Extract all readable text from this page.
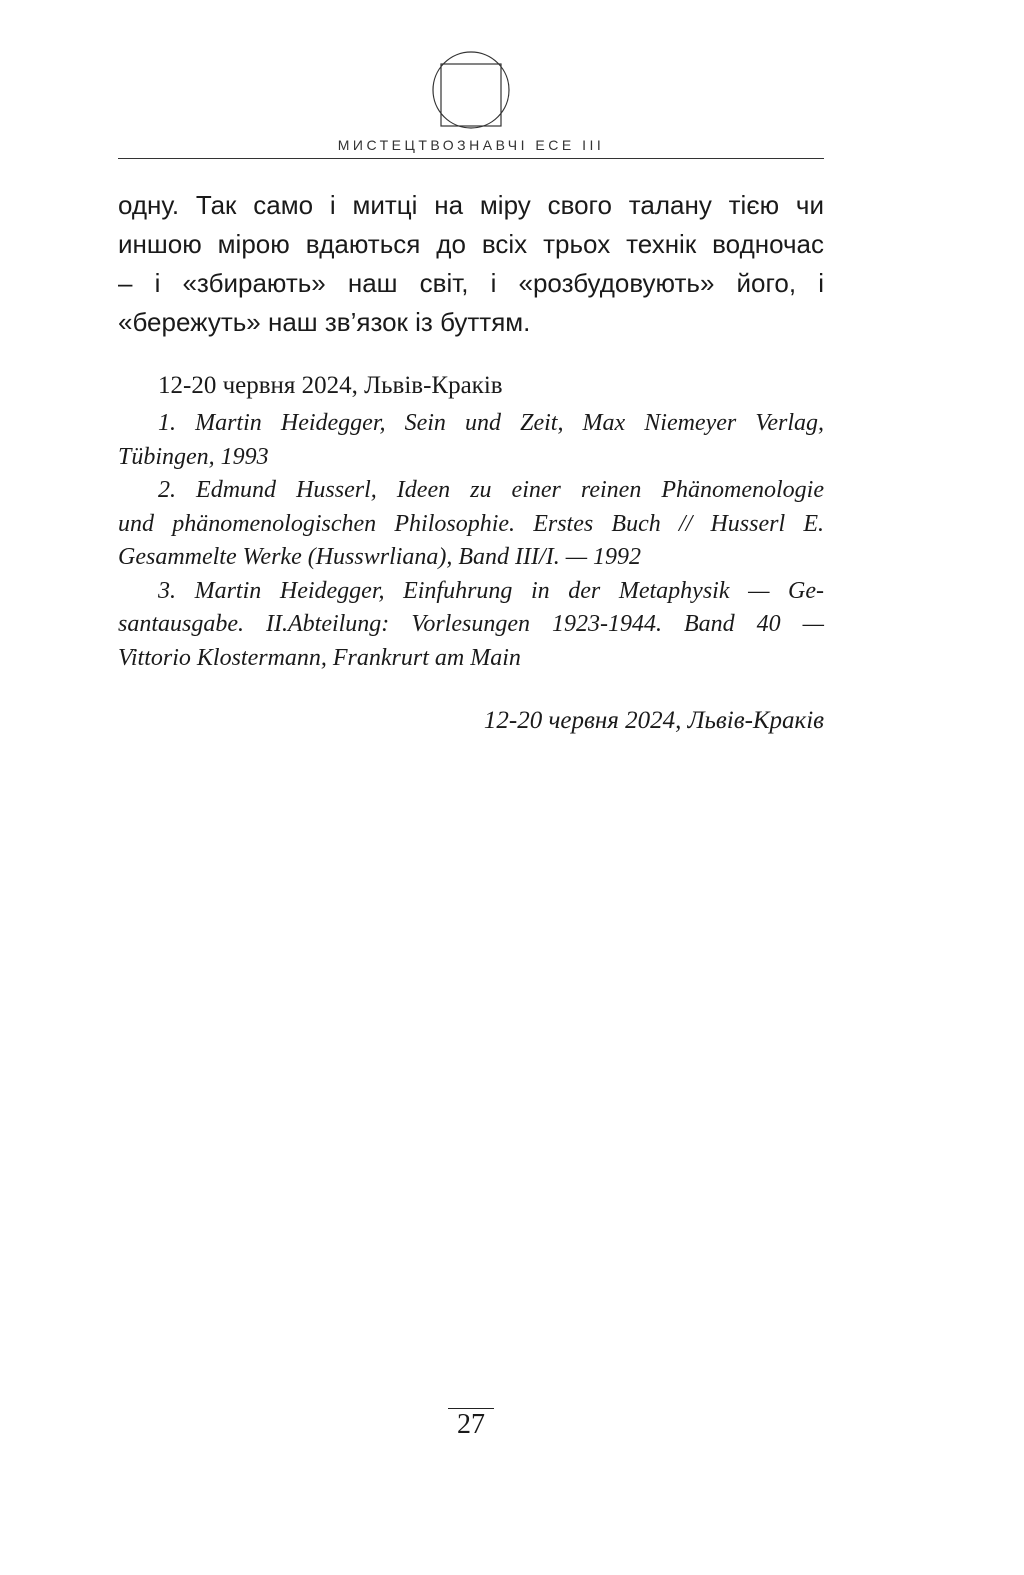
МИСТЕЦТВОЗНАВЧІ ЕСЕ III
одну. Так само і митці на міру свого талану тією чи
иншою мірою вдаються до всіх трьох технік водночас
– і «збирають» наш світ, і «розбудовують» його, і
«бережуть» наш зв’язок із буттям.
12-20 червня 2024, Львів-Краків
1. Martin Heidegger, Sein und Zeit, Max Niemeyer Verlag,
Tübingen, 1993
2. Edmund Husserl, Ideen zu einer reinen Phänomenologie
und phänomenologischen Philosophie. Erstes Buch // Husserl E.
Gesammelte Werke (Husswrliana), Band III/I. — 1992
3. Martin Heidegger, Einfuhrung in der Metaphysik — Ge-
santausgabe. II.Abteilung: Vorlesungen 1923-1944. Band 40 —
Vittorio Klostermann, Frankrurt am Main
12-20 червня 2024, Львів-Краків
27
